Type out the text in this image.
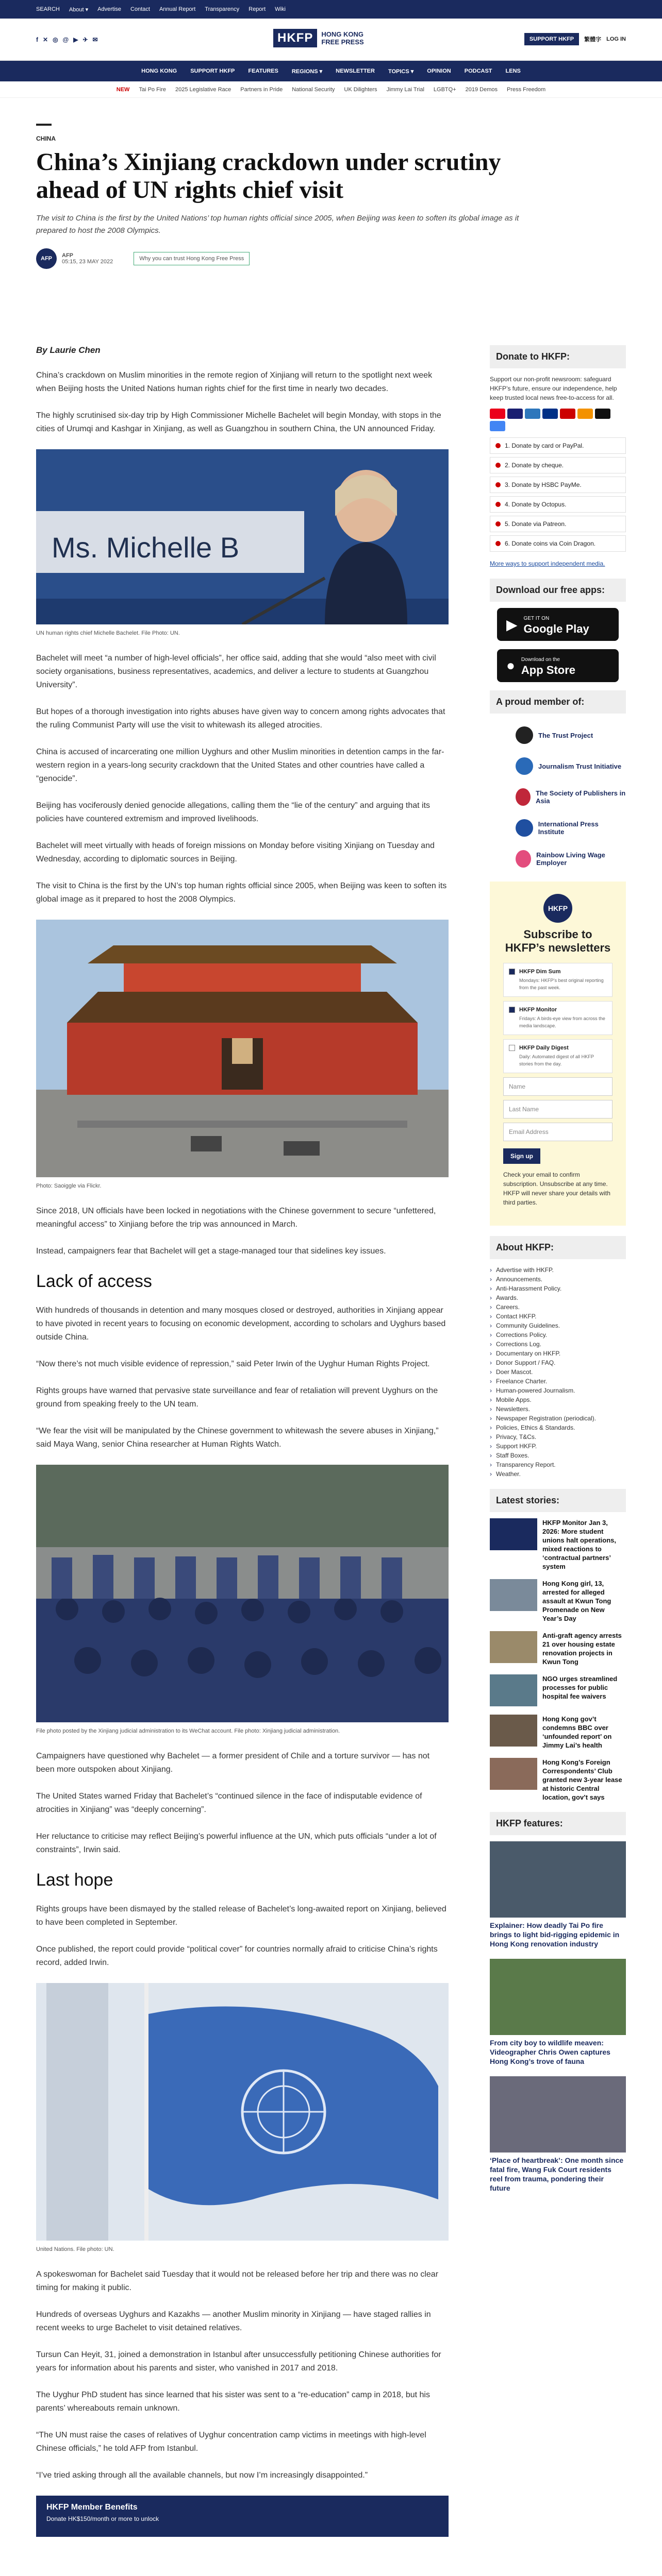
SEARCH About ▾ Advertise Contact Annual Report Transparency Report Wiki
f ✕ ◎ @ ▶ ✈ ✉	HKFP	HONG KONG
FREE PRESS	SUPPORT HKFP	繁體字 LOG IN
HONG KONG SUPPORT HKFP FEATURES REGIONS ▾ NEWSLETTER TOPICS ▾ OPINION PODCAST LENS
NEW Tai Po Fire 2025 Legislative Race Partners in Pride National Security UK Dilighters Jimmy Lai Trial LGBTQ+ 2019 Demos Press Freedom
CHINA
China’s Xinjiang crackdown under scrutiny ahead of UN rights chief visit
The visit to China is the first by the United Nations’ top human rights official since 2005, when Beijing was keen to soften its global image as it prepared to host the 2008 Olympics.
AFP	AFP
05:15, 23 MAY 2022	Why you can trust Hong Kong Free Press
By Laurie Chen

China’s crackdown on Muslim minorities in the remote region of Xinjiang will return to the spotlight next week when Beijing hosts the United Nations human rights chief for the first time in nearly two decades.

The highly scrutinised six-day trip by High Commissioner Michelle Bachelet will begin Monday, with stops in the cities of Urumqi and Kashgar in Xinjiang, as well as Guangzhou in southern China, the UN announced Friday.

Ms. Michelle B
UN human rights chief Michelle Bachelet. File Photo: UN.

Bachelet will meet “a number of high-level officials”, her office said, adding that she would “also meet with civil society organisations, business representatives, academics, and deliver a lecture to students at Guangzhou University”.

But hopes of a thorough investigation into rights abuses have given way to concern among rights advocates that the ruling Communist Party will use the visit to whitewash its alleged atrocities.

China is accused of incarcerating one million Uyghurs and other Muslim minorities in detention camps in the far-western region in a years-long security crackdown that the United States and other countries have called a “genocide”.

Beijing has vociferously denied genocide allegations, calling them the “lie of the century” and arguing that its policies have countered extremism and improved livelihoods.

Bachelet will meet virtually with heads of foreign missions on Monday before visiting Xinjiang on Tuesday and Wednesday, according to diplomatic sources in Beijing.

The visit to China is the first by the UN’s top human rights official since 2005, when Beijing was keen to soften its global image as it prepared to host the 2008 Olympics.

Photo: Saoiggle via Flickr.

Since 2018, UN officials have been locked in negotiations with the Chinese government to secure “unfettered, meaningful access” to Xinjiang before the trip was announced in March.

Instead, campaigners fear that Bachelet will get a stage-managed tour that sidelines key issues.

Lack of access

With hundreds of thousands in detention and many mosques closed or destroyed, authorities in Xinjiang appear to have pivoted in recent years to focusing on economic development, according to scholars and Uyghurs based outside China.

“Now there’s not much visible evidence of repression,” said Peter Irwin of the Uyghur Human Rights Project.

Rights groups have warned that pervasive state surveillance and fear of retaliation will prevent Uyghurs on the ground from speaking freely to the UN team.

“We fear the visit will be manipulated by the Chinese government to whitewash the severe abuses in Xinjiang,” said Maya Wang, senior China researcher at Human Rights Watch.

File photo posted by the Xinjiang judicial administration to its WeChat account. File photo: Xinjiang judicial administration.

Campaigners have questioned why Bachelet — a former president of Chile and a torture survivor — has not been more outspoken about Xinjiang.

The United States warned Friday that Bachelet’s “continued silence in the face of indisputable evidence of atrocities in Xinjiang” was “deeply concerning”.

Her reluctance to criticise may reflect Beijing’s powerful influence at the UN, which puts officials “under a lot of constraints”, Irwin said.

Last hope

Rights groups have been dismayed by the stalled release of Bachelet’s long-awaited report on Xinjiang, believed to have been completed in September.

Once published, the report could provide “political cover” for countries normally afraid to criticise China’s rights record, added Irwin.

United Nations. File photo: UN.

A spokeswoman for Bachelet said Tuesday that it would not be released before her trip and there was no clear timing for making it public.

Hundreds of overseas Uyghurs and Kazakhs — another Muslim minority in Xinjiang — have staged rallies in recent weeks to urge Bachelet to visit detained relatives.

Tursun Can Heyit, 31, joined a demonstration in Istanbul after unsuccessfully petitioning Chinese authorities for years for information about his parents and sister, who vanished in 2017 and 2018.

The Uyghur PhD student has since learned that his sister was sent to a “re-education” camp in 2018, but his parents’ whereabouts remain unknown.

“The UN must raise the cases of relatives of Uyghur concentration camp victims in meetings with high-level Chinese officials,” he told AFP from Istanbul.

“I’ve tried asking through all the available channels, but now I’m increasingly disappointed.”

HKFP Member Benefits
Donate HK$150/month or more to unlock
Donate to HKFP:
Support our non-profit newsroom: safeguard HKFP’s future, ensure our independence, help keep trusted local news free-to-access for all.
1. Donate by card or PayPal.
2. Donate by cheque.
3. Donate by HSBC PayMe.
4. Donate by Octopus.
5. Donate via Patreon.
6. Donate coins via Coin Dragon.
More ways to support independent media.
Download our free apps:
▶ GET IT ON
Google Play
● Download on the
App Store
A proud member of:
The Trust Project
Journalism Trust Initiative
The Society of Publishers in Asia
International Press Institute
Rainbow Living Wage Employer
HKFP
Subscribe to HKFP’s newsletters
HKFP Dim Sum
Mondays: HKFP’s best original reporting from the past week.
HKFP Monitor
Fridays: A birds-eye view from across the media landscape.
HKFP Daily Digest
Daily: Automated digest of all HKFP stories from the day.
Name
Last Name
Email Address
Sign up
Check your email to confirm subscription. Unsubscribe at any time. HKFP will never share your details with third parties.
About HKFP:
› Advertise with HKFP.
› Announcements.
› Anti-Harassment Policy.
› Awards.
› Careers.
› Contact HKFP.
› Community Guidelines.
› Corrections Policy.
› Corrections Log.
› Documentary on HKFP.
› Donor Support / FAQ.
› Doer Mascot.
› Freelance Charter.
› Human-powered Journalism.
› Mobile Apps.
› Newsletters.
› Newspaper Registration (periodical).
› Policies, Ethics & Standards.
› Privacy, T&Cs.
› Support HKFP.
› Staff Boxes.
› Transparency Report.
› Weather.
Latest stories:
HKFP Monitor Jan 3, 2026: More student unions halt operations, mixed reactions to ‘contractual partners’ system
Hong Kong girl, 13, arrested for alleged assault at Kwun Tong Promenade on New Year’s Day
Anti-graft agency arrests 21 over housing estate renovation projects in Kwun Tong
NGO urges streamlined processes for public hospital fee waivers
Hong Kong gov’t condemns BBC over ‘unfounded report’ on Jimmy Lai’s health
Hong Kong’s Foreign Correspondents’ Club granted new 3-year lease at historic Central location, gov’t says
HKFP features:
Explainer: How deadly Tai Po fire brings to light bid-rigging epidemic in Hong Kong renovation industry
From city boy to wildlife meaven: Videographer Chris Owen captures Hong Kong’s trove of fauna
‘Place of heartbreak’: One month since fatal fire, Wang Fuk Court residents reel from trauma, pondering their future
